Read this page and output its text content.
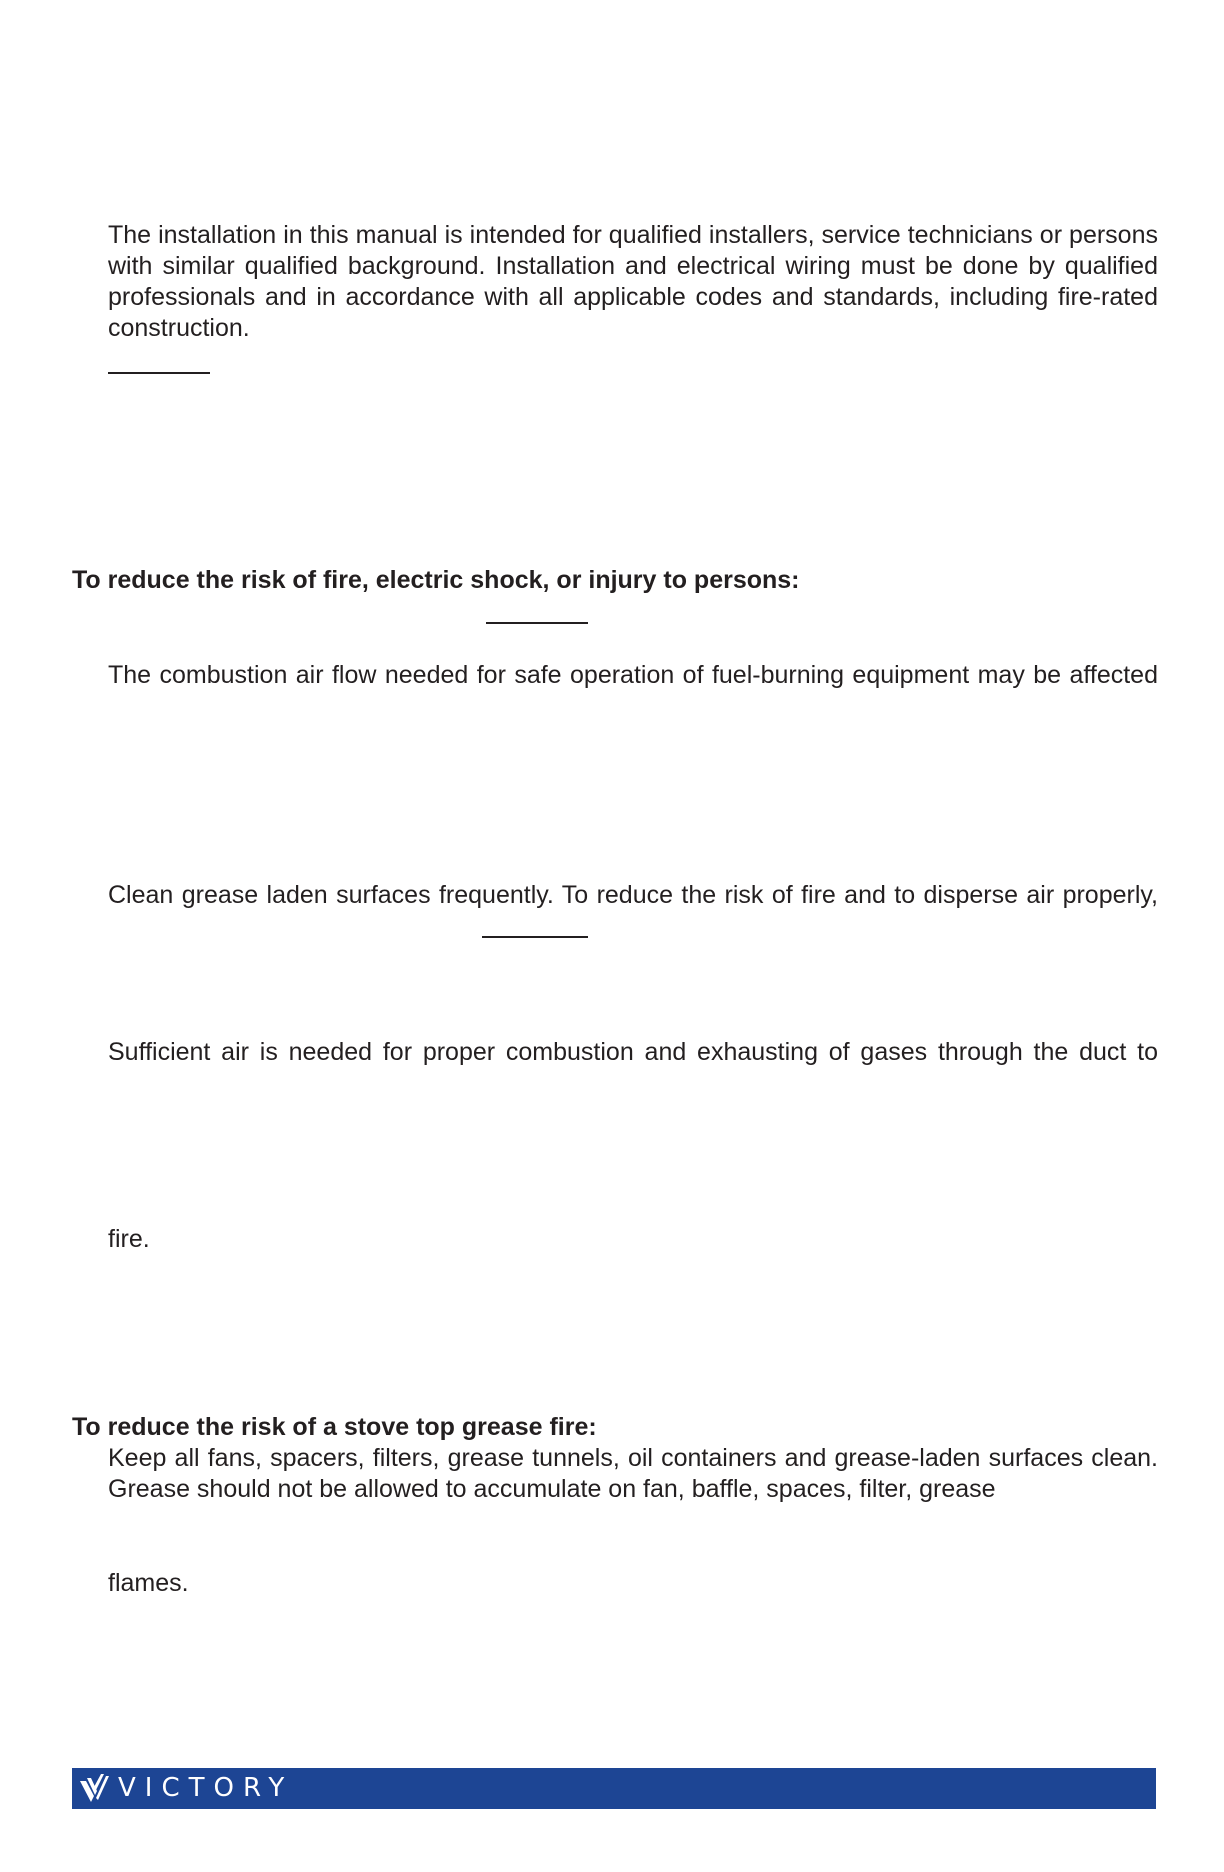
The installation in this manual is intended for qualified installers, service technicians or persons with similar qualified background. Installation and electrical wiring must be done by qualified professionals and in accordance with all applicable codes and standards, including fire-rated construction.

To reduce the risk of fire, electric shock, or injury to persons:

The combustion air flow needed for safe operation of fuel-burning equipment may be affected

Clean grease laden surfaces frequently. To reduce the risk of fire and to disperse air properly,

Sufficient air is needed for proper combustion and exhausting of gases through the duct to

fire.

To reduce the risk of a stove top grease fire:

Keep all fans, spacers, filters, grease tunnels, oil containers and grease-laden surfaces clean. Grease should not be allowed to accumulate on fan, baffle, spaces, filter, grease

flames.

VICTORY
